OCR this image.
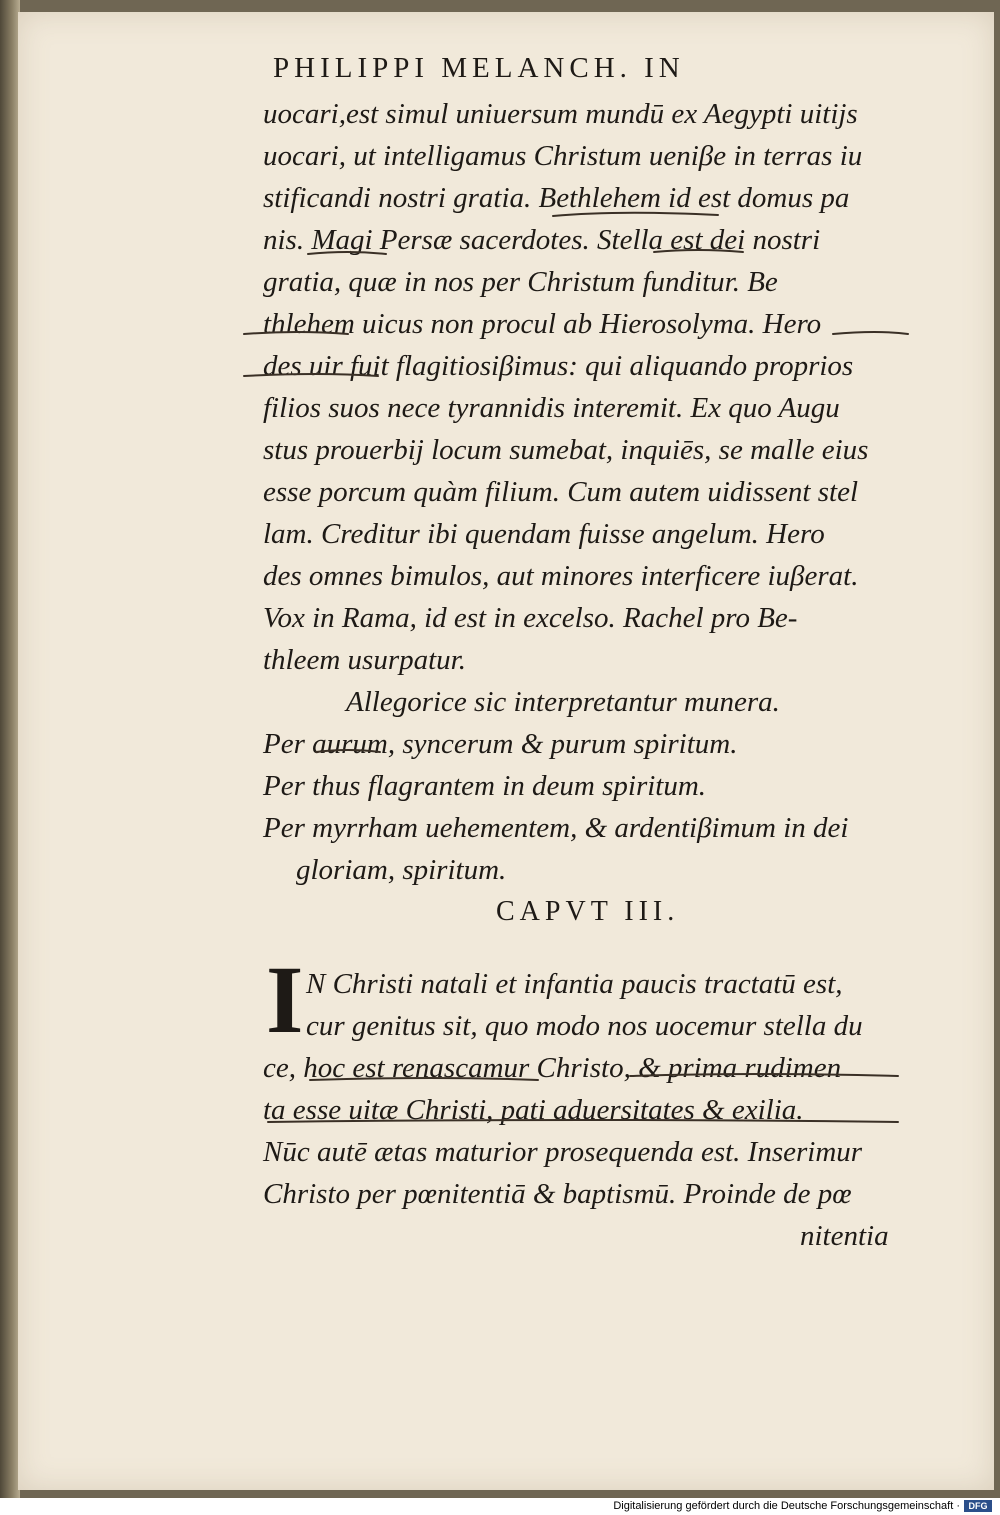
PHILIPPI MELANCH. IN
uocari,est simul uniuersum mundū ex Aegypti uitijs
uocari, ut intelligamus Christum ueniβe in terras iu
stificandi nostri gratia. Bethlehem id est domus pa
nis. Magi Persæ sacerdotes. Stella est dei nostri
gratia, quæ in nos per Christum funditur. Be
thlehem uicus non procul ab Hierosolyma. Hero
des uir fuit flagitiosiβimus: qui aliquando proprios
filios suos nece tyrannidis interemit. Ex quo Augu
stus prouerbij locum sumebat, inquiēs, se malle eius
esse porcum quàm filium. Cum autem uidissent stel
lam. Creditur ibi quendam fuisse angelum. Hero
des omnes bimulos, aut minores interficere iuβerat.
Vox in Rama, id est in excelso. Rachel pro Be-
thleem usurpatur.
Allegorice sic interpretantur munera.
Per aurum, syncerum & purum spiritum.
Per thus flagrantem in deum spiritum.
Per myrrham uehementem, & ardentiβimum in dei
gloriam, spiritum.
CAPVT III.
I N Christi natali et infantia paucis tractatū est,
cur genitus sit, quo modo nos uocemur stella du
ce, hoc est renascamur Christo, & prima rudimen
ta esse uitæ Christi, pati aduersitates & exilia.
Nūc autē ætas maturior prosequenda est. Inserimur
Christo per pœnitentiā & baptismū. Proinde de pœ
nitentia
Digitalisierung gefördert durch die Deutsche Forschungsgemeinschaft · DFG
